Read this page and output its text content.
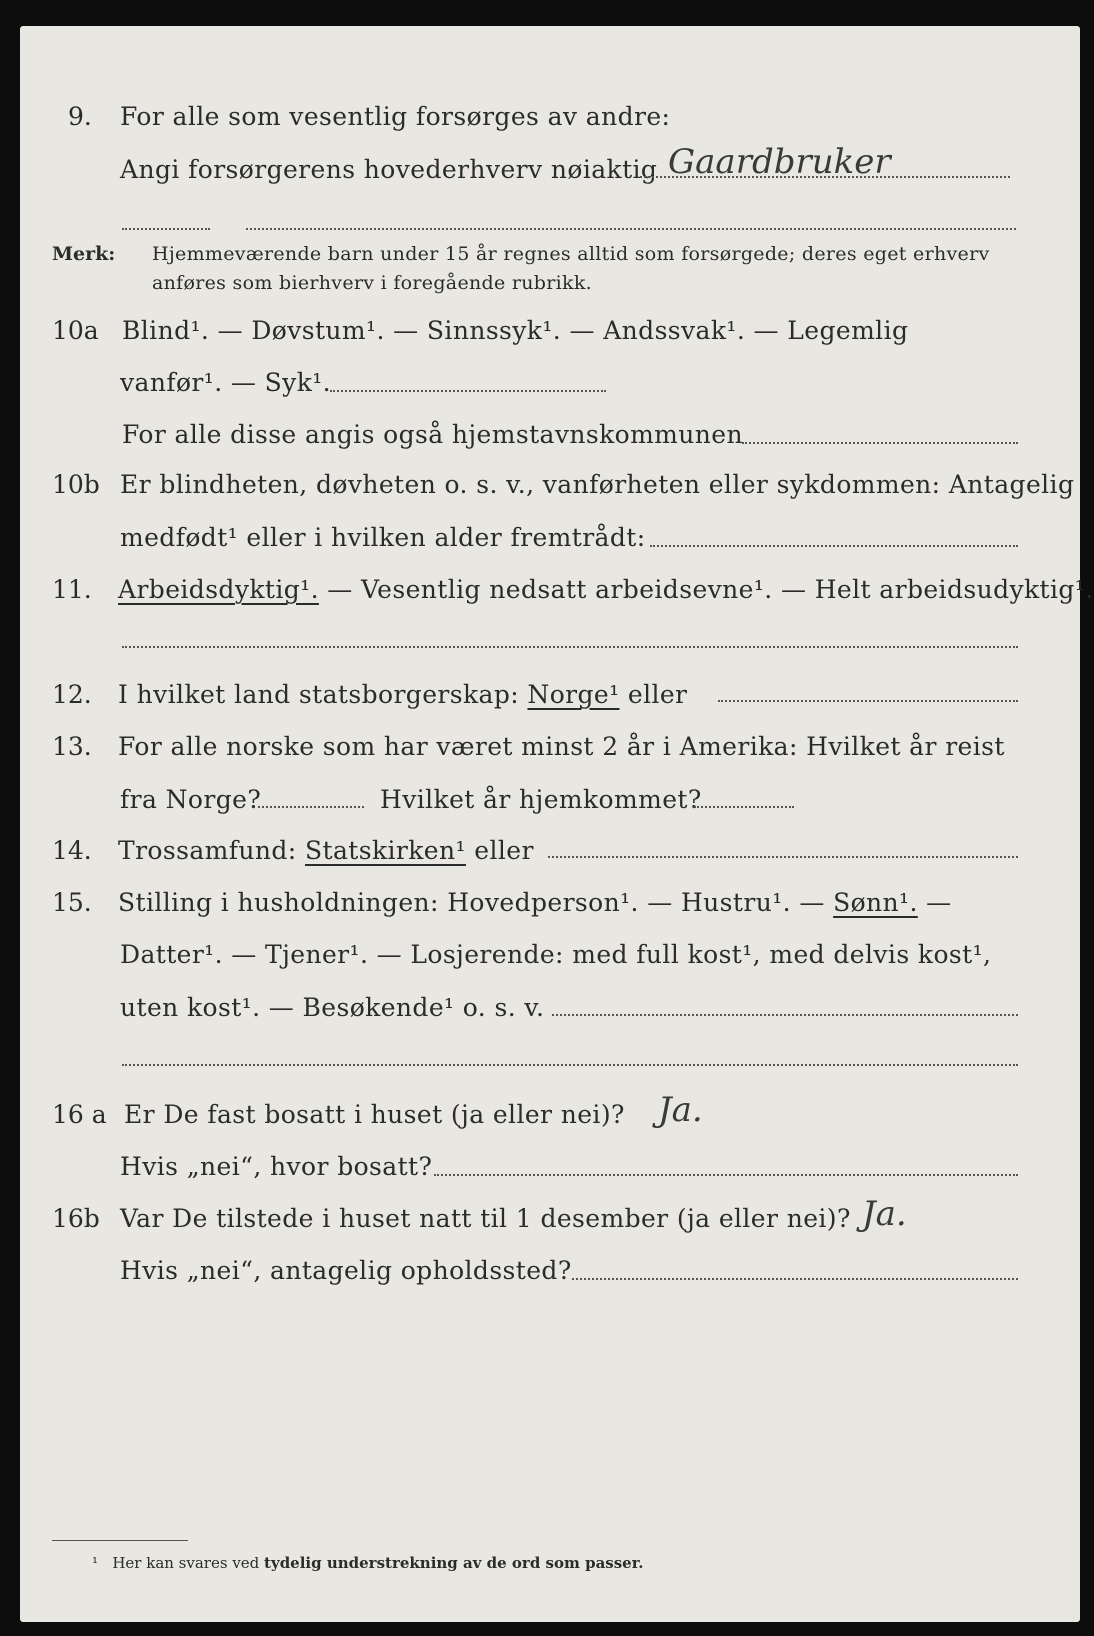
9. For alle som vesentlig forsørges av andre:
Angi forsørgerens hovederhverv nøiaktig Gaardbruker
Merk: Hjemmeværende barn under 15 år regnes alltid som forsørgede; deres eget erhverv
anføres som bierhverv i foregående rubrikk.
10a Blind¹. — Døvstum¹. — Sinnssyk¹. — Andssvak¹. — Legemlig
vanfør¹. — Syk¹.
For alle disse angis også hjemstavnskommunen
10b Er blindheten, døvheten o. s. v., vanførheten eller sykdommen: Antagelig
medfødt¹ eller i hvilken alder fremtrådt:
11. Arbeidsdyktig¹. — Vesentlig nedsatt arbeidsevne¹. — Helt arbeidsudyktig¹.
12. I hvilket land statsborgerskap: Norge¹ eller
13. For alle norske som har været minst 2 år i Amerika: Hvilket år reist
fra Norge?	Hvilket år hjemkommet?
14. Trossamfund: Statskirken¹ eller
15. Stilling i husholdningen: Hovedperson¹. — Hustru¹. — Sønn¹. —
Datter¹. — Tjener¹. — Losjerende: med full kost¹, med delvis kost¹,
uten kost¹. — Besøkende¹ o. s. v.
16 a Er De fast bosatt i huset (ja eller nei)? Ja.
Hvis „nei“, hvor bosatt?
16b Var De tilstede i huset natt til 1 desember (ja eller nei)? Ja.
Hvis „nei“, antagelig opholdssted?
¹ Her kan svares ved tydelig understrekning av de ord som passer.
